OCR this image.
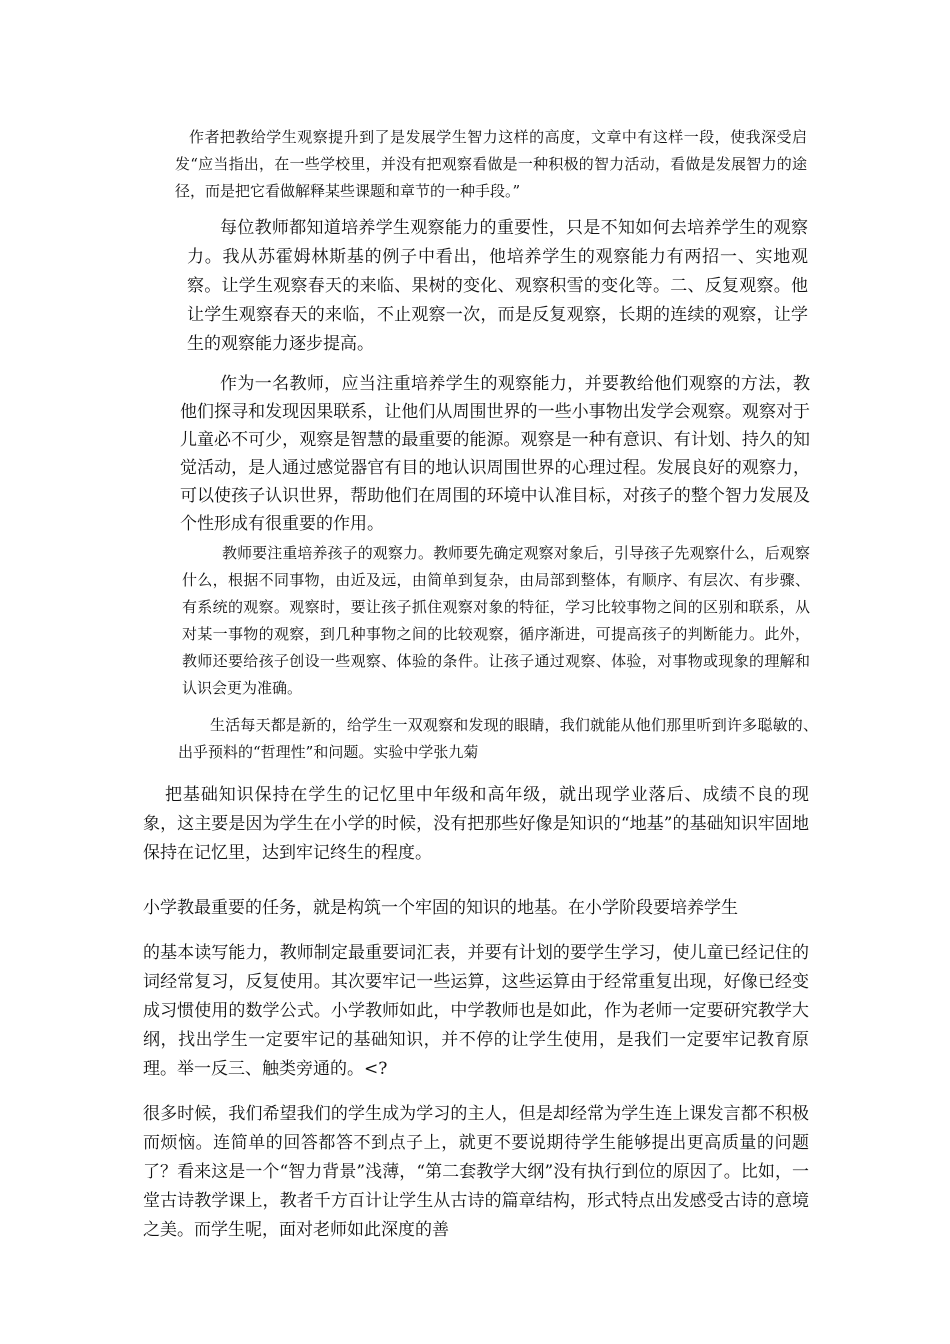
作者把教给学生观察提升到了是发展学生智力这样的高度，文章中有这样一段，使我深受启发“应当指出，在一些学校里，并没有把观察看做是一种积极的智力活动，看做是发展智力的途径，而是把它看做解释某些课题和章节的一种手段。”

每位教师都知道培养学生观察能力的重要性，只是不知如何去培养学生的观察力。我从苏霍姆林斯基的例子中看出，他培养学生的观察能力有两招一、实地观察。让学生观察春天的来临、果树的变化、观察积雪的变化等。二、反复观察。他让学生观察春天的来临，不止观察一次，而是反复观察，长期的连续的观察，让学生的观察能力逐步提高。

作为一名教师，应当注重培养学生的观察能力，并要教给他们观察的方法，教他们探寻和发现因果联系，让他们从周围世界的一些小事物出发学会观察。观察对于儿童必不可少，观察是智慧的最重要的能源。观察是一种有意识、有计划、持久的知觉活动，是人通过感觉器官有目的地认识周围世界的心理过程。发展良好的观察力，可以使孩子认识世界，帮助他们在周围的环境中认准目标，对孩子的整个智力发展及个性形成有很重要的作用。

教师要注重培养孩子的观察力。教师要先确定观察对象后，引导孩子先观察什么，后观察什么，根据不同事物，由近及远，由简单到复杂，由局部到整体，有顺序、有层次、有步骤、有系统的观察。观察时，要让孩子抓住观察对象的特征，学习比较事物之间的区别和联系，从对某一事物的观察，到几种事物之间的比较观察，循序渐进，可提高孩子的判断能力。此外，教师还要给孩子创设一些观察、体验的条件。让孩子通过观察、体验，对事物或现象的理解和认识会更为准确。

生活每天都是新的，给学生一双观察和发现的眼睛，我们就能从他们那里听到许多聪敏的、出乎预料的“哲理性”和问题。实验中学张九菊

把基础知识保持在学生的记忆里中年级和高年级，就出现学业落后、成绩不良的现象，这主要是因为学生在小学的时候，没有把那些好像是知识的“地基”的基础知识牢固地保持在记忆里，达到牢记终生的程度。

小学教最重要的任务，就是构筑一个牢固的知识的地基。在小学阶段要培养学生

的基本读写能力，教师制定最重要词汇表，并要有计划的要学生学习，使儿童已经记住的词经常复习，反复使用。其次要牢记一些运算，这些运算由于经常重复出现，好像已经变成习惯使用的数学公式。小学教师如此，中学教师也是如此，作为老师一定要研究教学大纲，找出学生一定要牢记的基础知识，并不停的让学生使用，是我们一定要牢记教育原理。举一反三、触类旁通的。<?

很多时候，我们希望我们的学生成为学习的主人，但是却经常为学生连上课发言都不积极而烦恼。连简单的回答都答不到点子上，就更不要说期待学生能够提出更高质量的问题了？看来这是一个“智力背景”浅薄，“第二套教学大纲”没有执行到位的原因了。比如，一堂古诗教学课上，教者千方百计让学生从古诗的篇章结构，形式特点出发感受古诗的意境之美。而学生呢，面对老师如此深度的善
